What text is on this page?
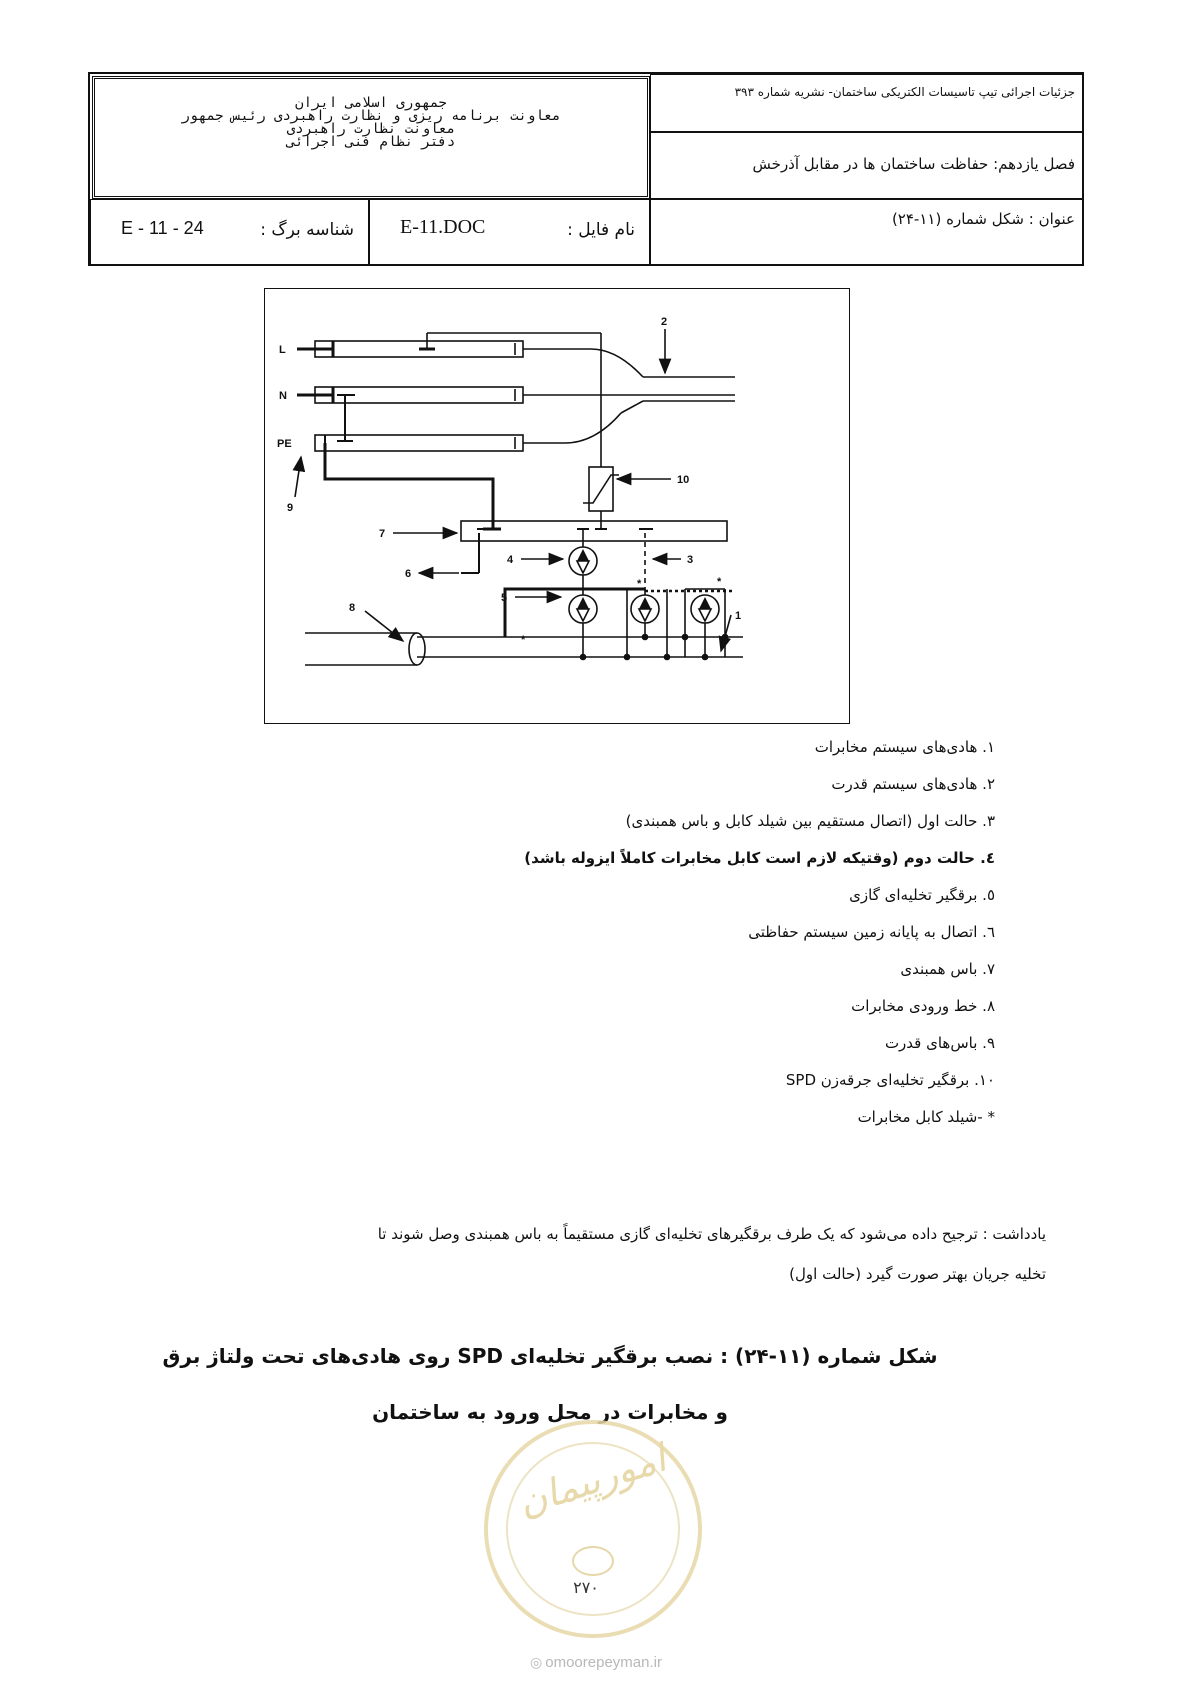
جمهوری اسلامی ایران
معاونت برنامه ریزی و نظارت راهبردی رئیس جمهور
معاونت نظارت راهبردی
دفتر نظام فنی اجرائی
جزئیات اجرائی تیپ تاسیسات الکتریکی ساختمان- نشریه شماره ۳۹۳
فصل یازدهم: حفاظت ساختمان ها در مقابل آذرخش
عنوان : شکل شماره (۱۱-۲۴)
نام فایل :
E-11.DOC
شناسه برگ :
E - 11 - 24
L
N
PE
2
10
7
4	3
5
6
8
1
9
*
*
*
۱. هادی‌های سیستم مخابرات
۲. هادی‌های سیستم قدرت
۳. حالت اول (اتصال مستقیم بین شیلد کابل و باس همبندی)
٤. حالت دوم (وقتیکه لازم است کابل مخابرات کاملاً ایزوله باشد)
٥. برقگیر تخلیه‌ای گازی
٦. اتصال به پایانه زمین سیستم حفاظتی
۷. باس همبندی
۸. خط ورودی مخابرات
۹. باس‌های قدرت
۱۰. برقگیر تخلیه‌ای جرقه‌زن SPD
* -شیلد کابل مخابرات
یادداشت : ترجیح داده می‌شود که یک طرف برقگیرهای تخلیه‌ای گازی مستقیماً به باس همبندی وصل شوند تا
تخلیه جریان بهتر صورت گیرد (حالت اول)
شکل شماره (۱۱-۲۴) : نصب برقگیر تخلیه‌ای SPD روی هادی‌های تحت ولتاژ برق
و مخابرات در محل ورود به ساختمان
امورپیمان
۲۷۰
◎ omoorepeyman.ir
